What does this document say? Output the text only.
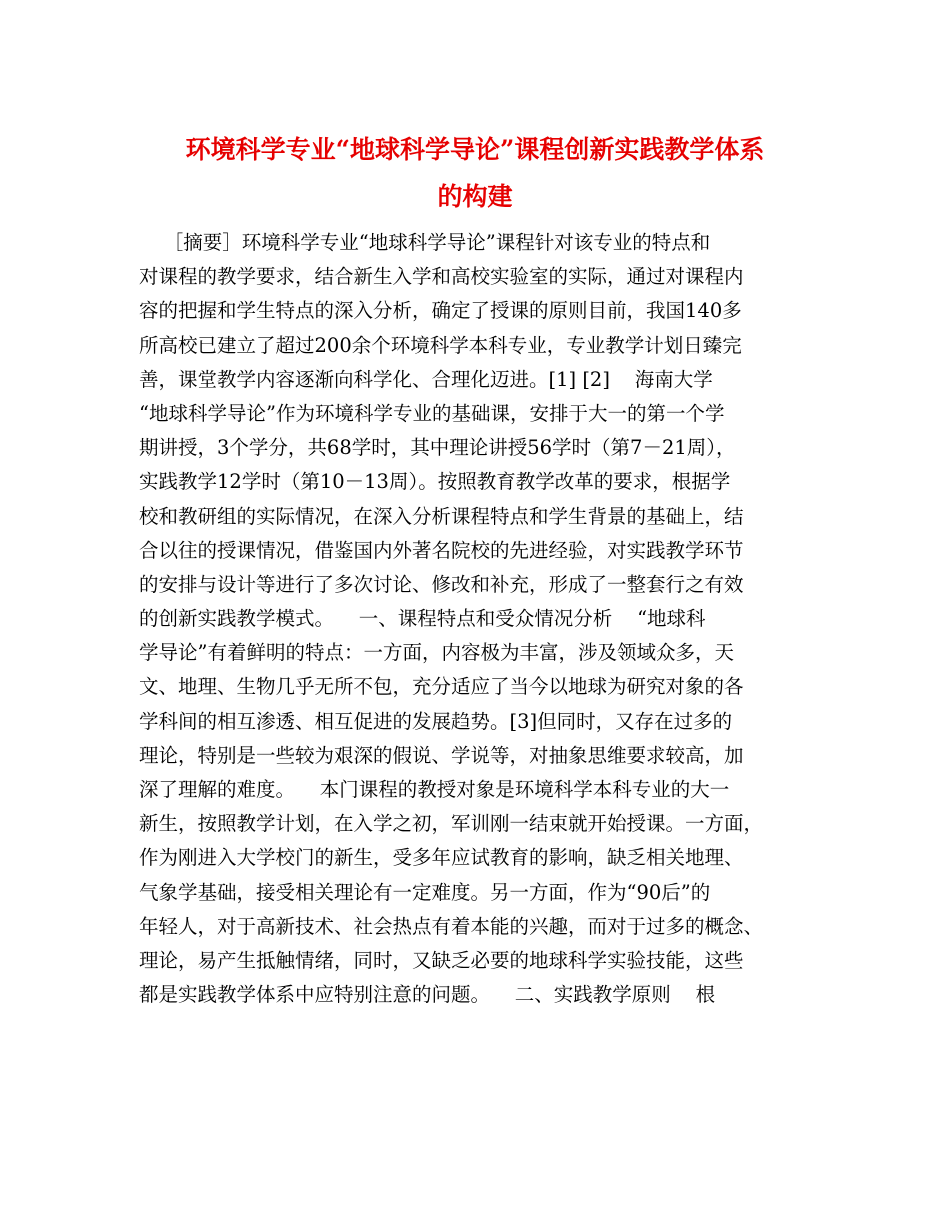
环境科学专业“地球科学导论”课程创新实践教学体系
的构建
［摘要］环境科学专业“地球科学导论”课程针对该专业的特点和
对课程的教学要求，结合新生入学和高校实验室的实际，通过对课程内
容的把握和学生特点的深入分析，确定了授课的原则目前，我国140多
所高校已建立了超过200余个环境科学本科专业，专业教学计划日臻完
善，课堂教学内容逐渐向科学化、合理化迈进。[1] [2]    海南大学
“地球科学导论”作为环境科学专业的基础课，安排于大一的第一个学
期讲授，3个学分，共68学时，其中理论讲授56学时（第7－21周），
实践教学12学时（第10－13周）。按照教育教学改革的要求，根据学
校和教研组的实际情况，在深入分析课程特点和学生背景的基础上，结
合以往的授课情况，借鉴国内外著名院校的先进经验，对实践教学环节
的安排与设计等进行了多次讨论、修改和补充，形成了一整套行之有效
的创新实践教学模式。    一、课程特点和受众情况分析    “地球科
学导论”有着鲜明的特点：一方面，内容极为丰富，涉及领域众多，天
文、地理、生物几乎无所不包，充分适应了当今以地球为研究对象的各
学科间的相互渗透、相互促进的发展趋势。[3]但同时，又存在过多的
理论，特别是一些较为艰深的假说、学说等，对抽象思维要求较高，加
深了理解的难度。    本门课程的教授对象是环境科学本科专业的大一
新生，按照教学计划，在入学之初，军训刚一结束就开始授课。一方面，
作为刚进入大学校门的新生，受多年应试教育的影响，缺乏相关地理、
气象学基础，接受相关理论有一定难度。另一方面，作为“90后”的
年轻人，对于高新技术、社会热点有着本能的兴趣，而对于过多的概念、
理论，易产生抵触情绪，同时，又缺乏必要的地球科学实验技能，这些
都是实践教学体系中应特别注意的问题。    二、实践教学原则    根
